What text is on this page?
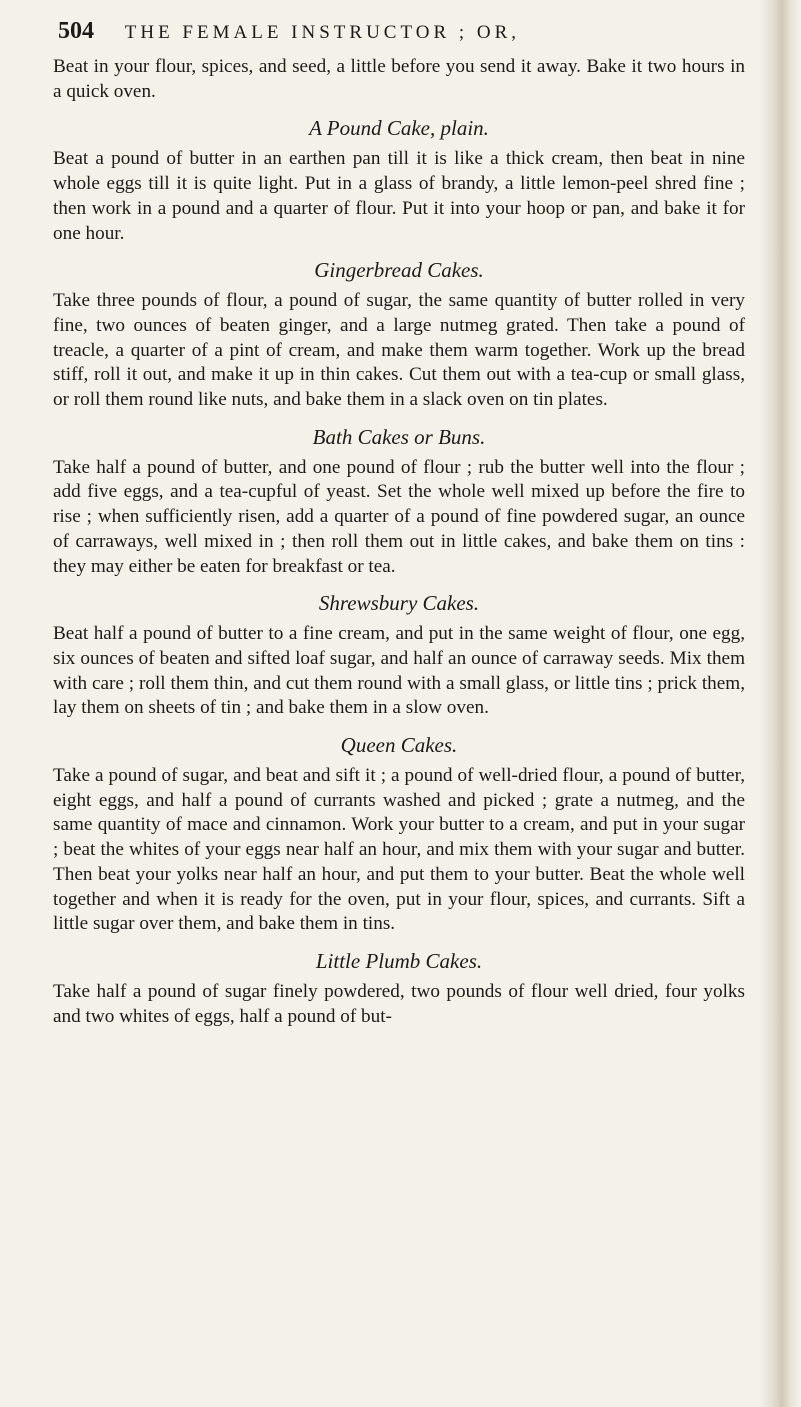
504 THE FEMALE INSTRUCTOR ; OR,

Beat in your flour, spices, and seed, a little before you send it away. Bake it two hours in a quick oven.

A Pound Cake, plain.

Beat a pound of butter in an earthen pan till it is like a thick cream, then beat in nine whole eggs till it is quite light. Put in a glass of brandy, a little lemon-peel shred fine ; then work in a pound and a quarter of flour. Put it into your hoop or pan, and bake it for one hour.

Gingerbread Cakes.

Take three pounds of flour, a pound of sugar, the same quantity of butter rolled in very fine, two ounces of beaten ginger, and a large nutmeg grated. Then take a pound of treacle, a quarter of a pint of cream, and make them warm together. Work up the bread stiff, roll it out, and make it up in thin cakes. Cut them out with a tea-cup or small glass, or roll them round like nuts, and bake them in a slack oven on tin plates.

Bath Cakes or Buns.

Take half a pound of butter, and one pound of flour ; rub the butter well into the flour ; add five eggs, and a tea-cupful of yeast. Set the whole well mixed up before the fire to rise ; when sufficiently risen, add a quarter of a pound of fine powdered sugar, an ounce of carraways, well mixed in ; then roll them out in little cakes, and bake them on tins : they may either be eaten for breakfast or tea.

Shrewsbury Cakes.

Beat half a pound of butter to a fine cream, and put in the same weight of flour, one egg, six ounces of beaten and sifted loaf sugar, and half an ounce of carraway seeds. Mix them with care ; roll them thin, and cut them round with a small glass, or little tins ; prick them, lay them on sheets of tin ; and bake them in a slow oven.

Queen Cakes.

Take a pound of sugar, and beat and sift it ; a pound of well-dried flour, a pound of butter, eight eggs, and half a pound of currants washed and picked ; grate a nutmeg, and the same quantity of mace and cinnamon. Work your butter to a cream, and put in your sugar ; beat the whites of your eggs near half an hour, and mix them with your sugar and butter. Then beat your yolks near half an hour, and put them to your butter. Beat the whole well together and when it is ready for the oven, put in your flour, spices, and currants. Sift a little sugar over them, and bake them in tins.

Little Plumb Cakes.

Take half a pound of sugar finely powdered, two pounds of flour well dried, four yolks and two whites of eggs, half a pound of but-
